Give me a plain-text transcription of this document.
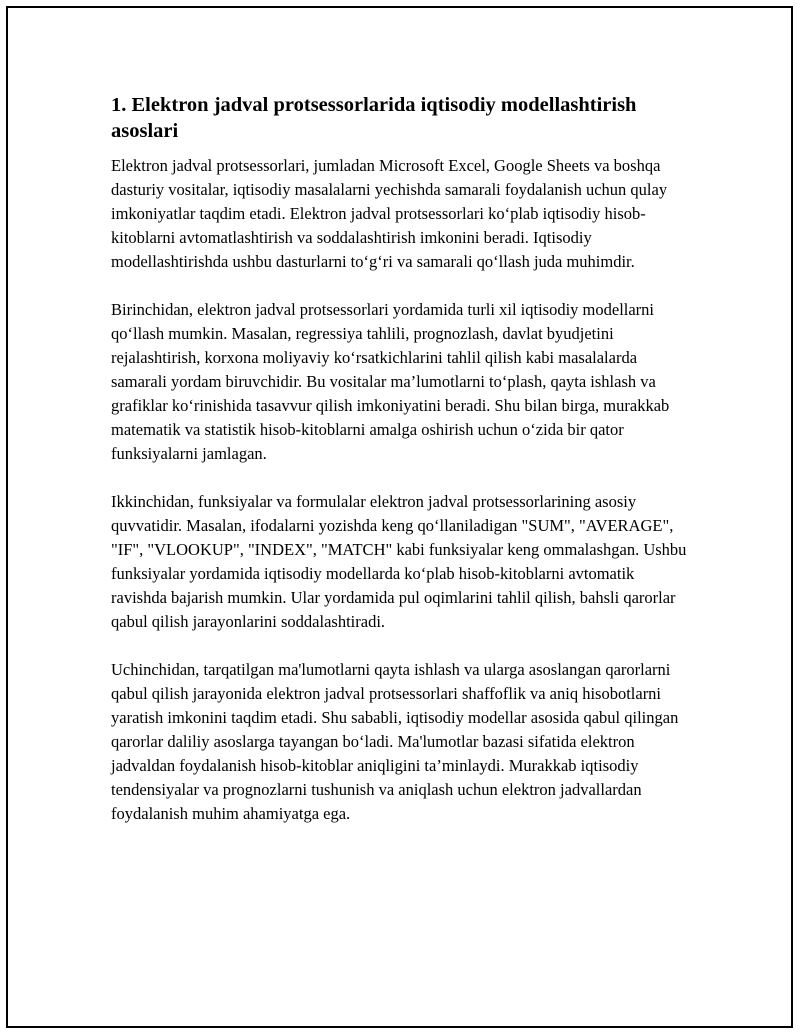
1. Elektron jadval protsessorlarida iqtisodiy modellashtirish asoslari

Elektron jadval protsessorlari, jumladan Microsoft Excel, Google Sheets va boshqa dasturiy vositalar, iqtisodiy masalalarni yechishda samarali foydalanish uchun qulay imkoniyatlar taqdim etadi. Elektron jadval protsessorlari ko‘plab iqtisodiy hisob-kitoblarni avtomatlashtirish va soddalashtirish imkonini beradi. Iqtisodiy modellashtirishda ushbu dasturlarni to‘g‘ri va samarali qo‘llash juda muhimdir.

Birinchidan, elektron jadval protsessorlari yordamida turli xil iqtisodiy modellarni qo‘llash mumkin. Masalan, regressiya tahlili, prognozlash, davlat byudjetini rejalashtirish, korxona moliyaviy ko‘rsatkichlarini tahlil qilish kabi masalalarda samarali yordam biruvchidir. Bu vositalar ma’lumotlarni to‘plash, qayta ishlash va grafiklar ko‘rinishida tasavvur qilish imkoniyatini beradi. Shu bilan birga, murakkab matematik va statistik hisob-kitoblarni amalga oshirish uchun o‘zida bir qator funksiyalarni jamlagan.

Ikkinchidan, funksiyalar va formulalar elektron jadval protsessorlarining asosiy quvvatidir. Masalan, ifodalarni yozishda keng qo‘llaniladigan "SUM", "AVERAGE", "IF", "VLOOKUP", "INDEX", "MATCH" kabi funksiyalar keng ommalashgan. Ushbu funksiyalar yordamida iqtisodiy modellarda ko‘plab hisob-kitoblarni avtomatik ravishda bajarish mumkin. Ular yordamida pul oqimlarini tahlil qilish, bahsli qarorlar qabul qilish jarayonlarini soddalashtiradi.

Uchinchidan, tarqatilgan ma'lumotlarni qayta ishlash va ularga asoslangan qarorlarni qabul qilish jarayonida elektron jadval protsessorlari shaffoflik va aniq hisobotlarni yaratish imkonini taqdim etadi. Shu sababli, iqtisodiy modellar asosida qabul qilingan qarorlar daliliy asoslarga tayangan bo‘ladi. Ma'lumotlar bazasi sifatida elektron jadvaldan foydalanish hisob-kitoblar aniqligini ta’minlaydi. Murakkab iqtisodiy tendensiyalar va prognozlarni tushunish va aniqlash uchun elektron jadvallardan foydalanish muhim ahamiyatga ega.
